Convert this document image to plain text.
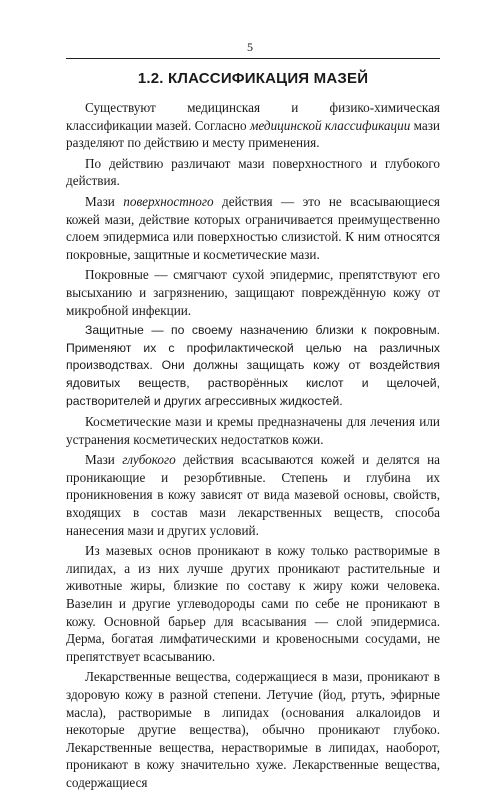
5
1.2. КЛАССИФИКАЦИЯ МАЗЕЙ

Существуют медицинская и физико-химическая классификации мазей. Согласно медицинской классификации мази разделяют по действию и месту применения.

По действию различают мази поверхностного и глубокого действия.

Мази поверхностного действия — это не всасывающиеся кожей мази, действие которых ограничивается преимущественно слоем эпидермиса или поверхностью слизистой. К ним относятся покровные, защитные и косметические мази.

Покровные — смягчают сухой эпидермис, препятствуют его высыханию и загрязнению, защищают повреждённую кожу от микробной инфекции.

Защитные — по своему назначению близки к покровным. Применяют их с профилактической целью на различных производствах. Они должны защищать кожу от воздействия ядовитых веществ, растворённых кислот и щелочей, растворителей и других агрессивных жидкостей.

Косметические мази и кремы предназначены для лечения или устранения косметических недостатков кожи.

Мази глубокого действия всасываются кожей и делятся на проникающие и резорбтивные. Степень и глубина их проникновения в кожу зависят от вида мазевой основы, свойств, входящих в состав мази лекарственных веществ, способа нанесения мази и других условий.

Из мазевых основ проникают в кожу только растворимые в липидах, а из них лучше других проникают растительные и животные жиры, близкие по составу к жиру кожи человека. Вазелин и другие углеводороды сами по себе не проникают в кожу. Основной барьер для всасывания — слой эпидермиса. Дерма, богатая лимфатическими и кровеносными сосудами, не препятствует всасыванию.

Лекарственные вещества, содержащиеся в мази, проникают в здоровую кожу в разной степени. Летучие (йод, ртуть, эфирные масла), растворимые в липидах (основания алкалоидов и некоторые другие вещества), обычно проникают глубоко. Лекарственные вещества, нерастворимые в липидах, наоборот, проникают в кожу значительно хуже. Лекарственные вещества, содержащиеся
